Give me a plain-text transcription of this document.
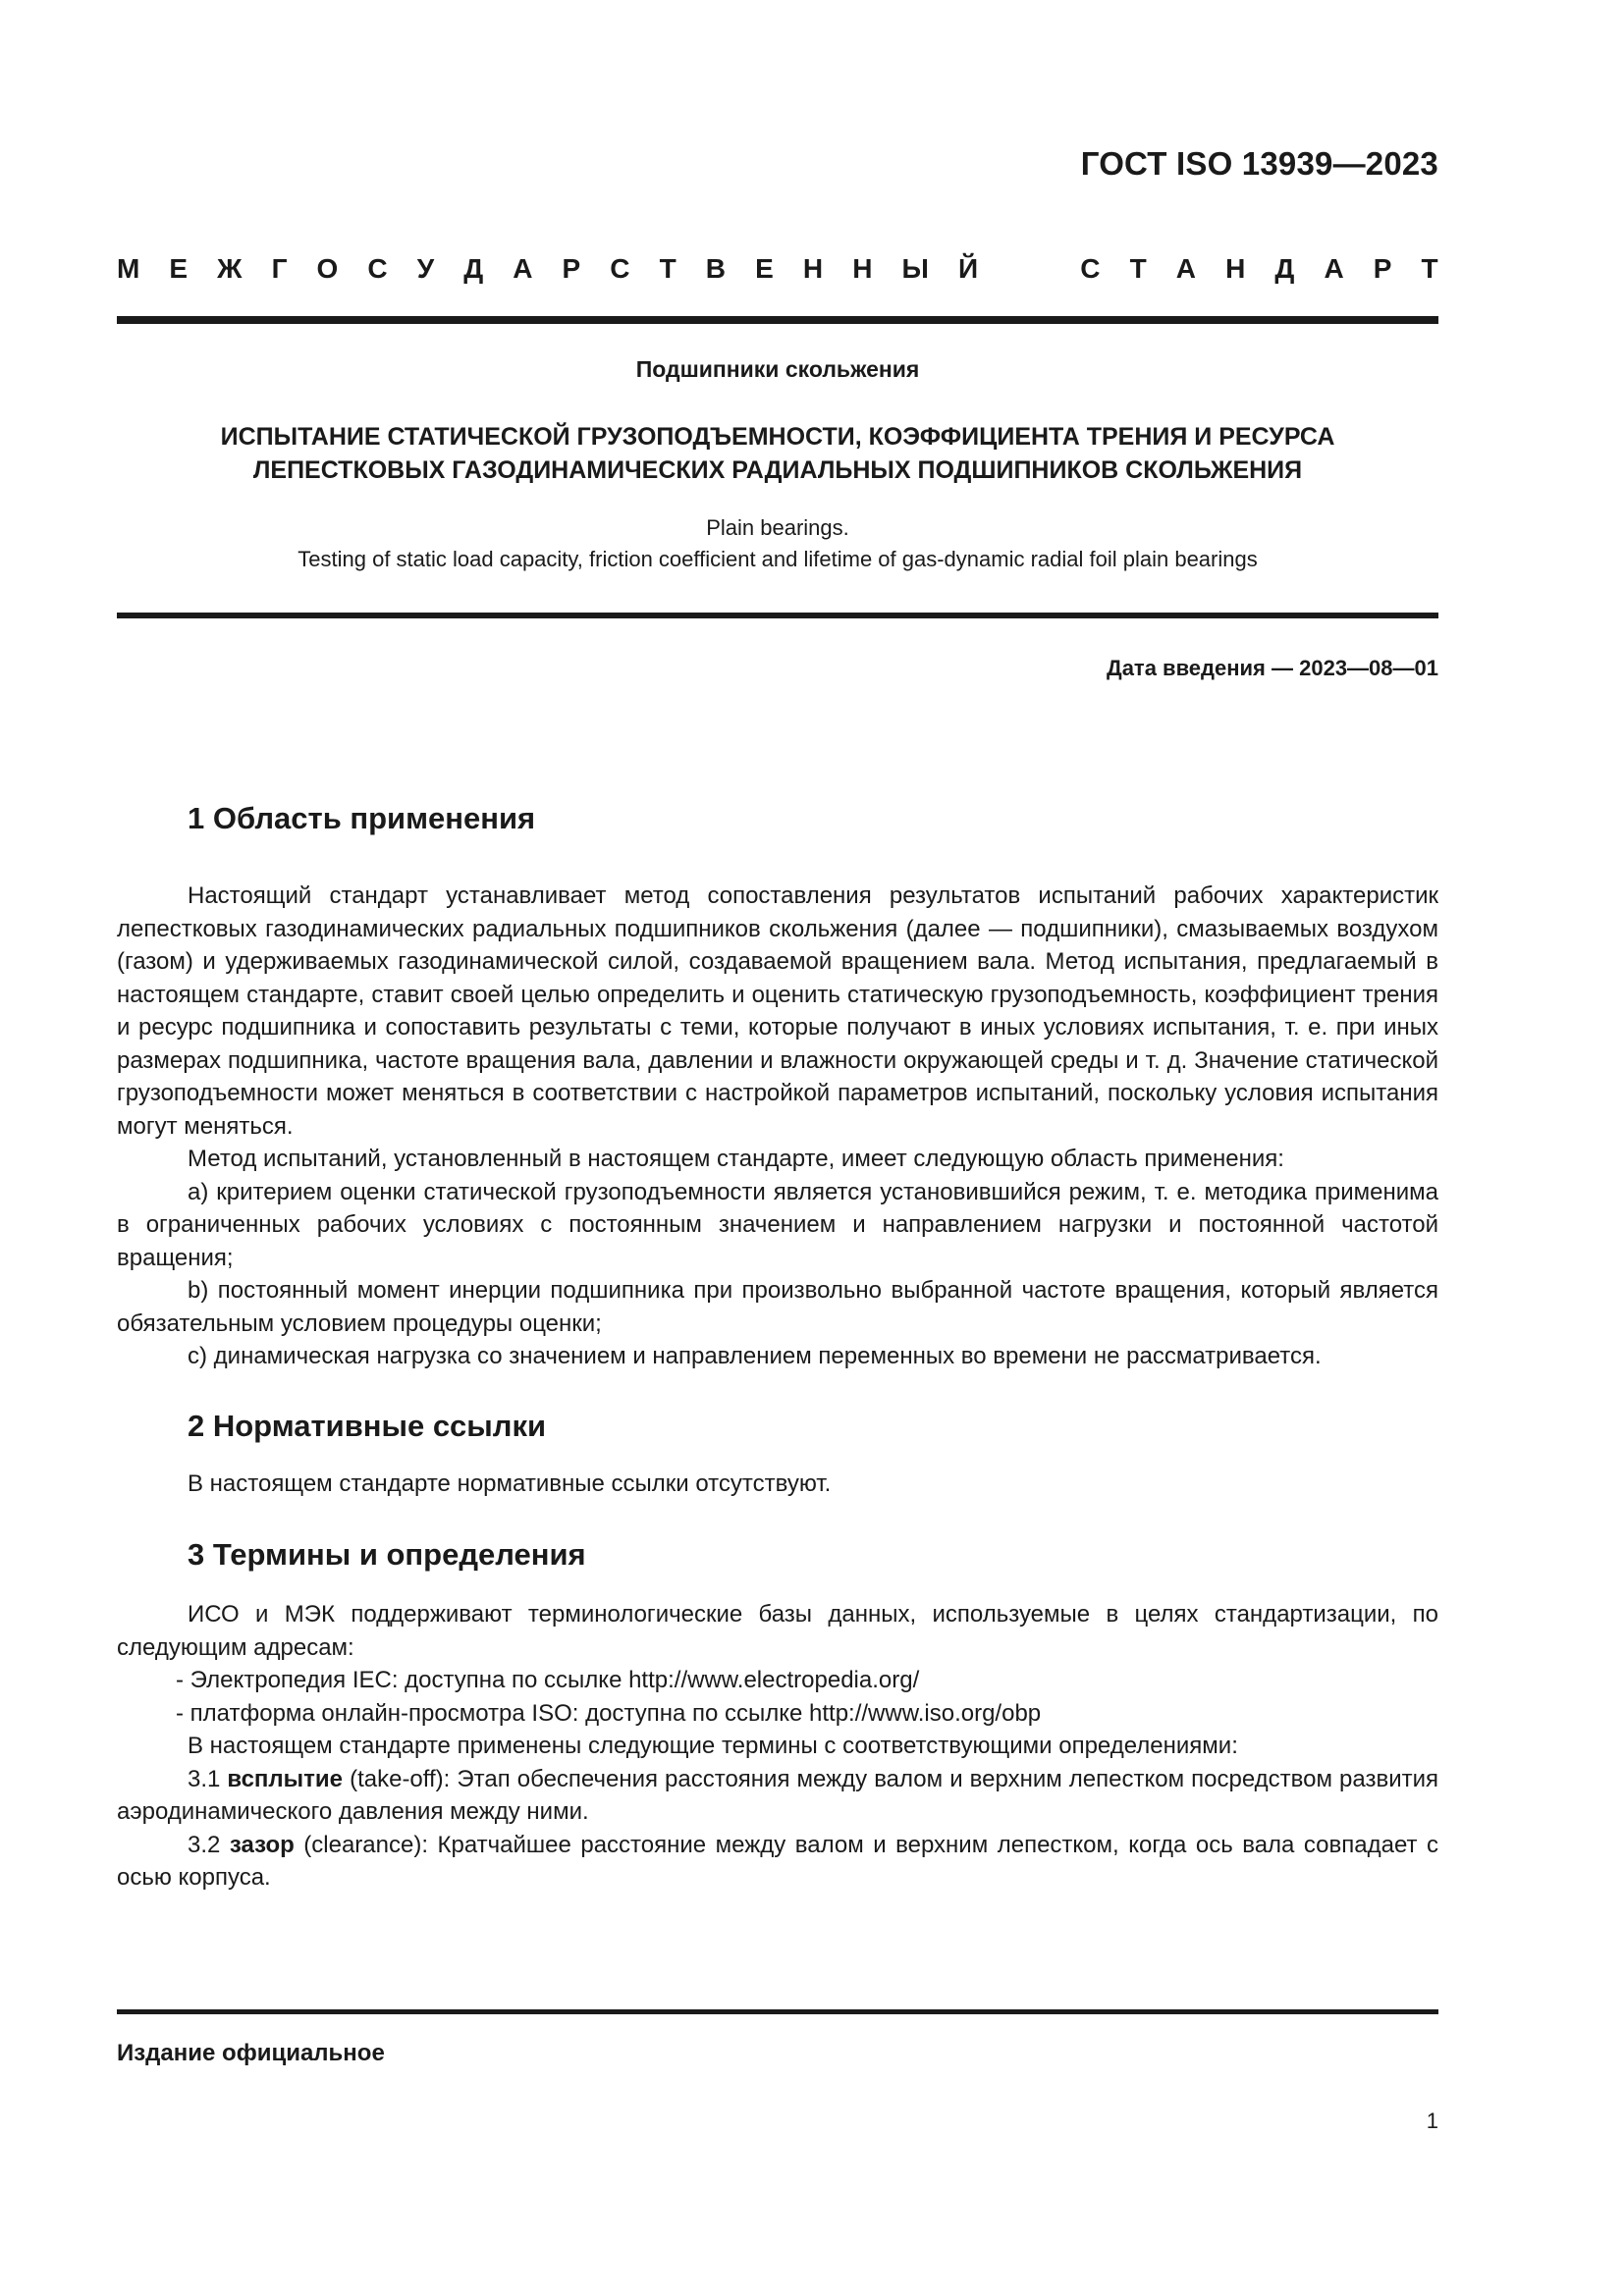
ГОСТ ISO 13939—2023
М Е Ж Г О С У Д А Р С Т В Е Н Н Ы Й	С Т А Н Д А Р Т
Подшипники скольжения
ИСПЫТАНИЕ СТАТИЧЕСКОЙ ГРУЗОПОДЪЕМНОСТИ, КОЭФФИЦИЕНТА ТРЕНИЯ И РЕСУРСА
ЛЕПЕСТКОВЫХ ГАЗОДИНАМИЧЕСКИХ РАДИАЛЬНЫХ ПОДШИПНИКОВ СКОЛЬЖЕНИЯ
Plain bearings.
Testing of static load capacity, friction coefficient and lifetime of gas-dynamic radial foil plain bearings
Дата введения — 2023—08—01
1 Область применения

Настоящий стандарт устанавливает метод сопоставления результатов испытаний рабочих характеристик лепестковых газодинамических радиальных подшипников скольжения (далее — подшипники), смазываемых воздухом (газом) и удерживаемых газодинамической силой, создаваемой вращением вала. Метод испытания, предлагаемый в настоящем стандарте, ставит своей целью определить и оценить статическую грузоподъемность, коэффициент трения и ресурс подшипника и сопоставить результаты с теми, которые получают в иных условиях испытания, т. е. при иных размерах подшипника, частоте вращения вала, давлении и влажности окружающей среды и т. д. Значение статической грузоподъемности может меняться в соответствии с настройкой параметров испытаний, поскольку условия испытания могут меняться.

Метод испытаний, установленный в настоящем стандарте, имеет следующую область применения:

a) критерием оценки статической грузоподъемности является установившийся режим, т. е. методика применима в ограниченных рабочих условиях с постоянным значением и направлением нагрузки и постоянной частотой вращения;

b) постоянный момент инерции подшипника при произвольно выбранной частоте вращения, который является обязательным условием процедуры оценки;

c) динамическая нагрузка со значением и направлением переменных во времени не рассматривается.

2 Нормативные ссылки

В настоящем стандарте нормативные ссылки отсутствуют.

3 Термины и определения

ИСО и МЭК поддерживают терминологические базы данных, используемые в целях стандартизации, по следующим адресам:

- Электропедия IEC: доступна по ссылке http://www.electropedia.org/

- платформа онлайн-просмотра ISO: доступна по ссылке http://www.iso.org/obp

В настоящем стандарте применены следующие термины с соответствующими определениями:

3.1 всплытие (take-off): Этап обеспечения расстояния между валом и верхним лепестком посредством развития аэродинамического давления между ними.

3.2 зазор (clearance): Кратчайшее расстояние между валом и верхним лепестком, когда ось вала совпадает с осью корпуса.

Издание официальное
1
